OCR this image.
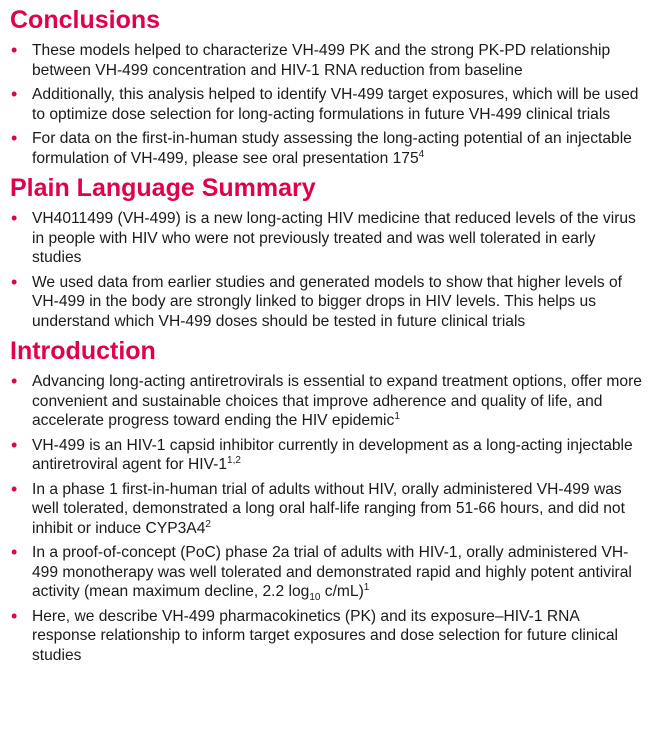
Conclusions
• These models helped to characterize VH-499 PK and the strong PK-PD relationship between VH-499 concentration and HIV-1 RNA reduction from baseline
• Additionally, this analysis helped to identify VH-499 target exposures, which will be used to optimize dose selection for long-acting formulations in future VH-499 clinical trials
• For data on the first-in-human study assessing the long-acting potential of an injectable formulation of VH-499, please see oral presentation $175^4$
Plain Language Summary
• VH4011499 (VH-499) is a new long-acting HIV medicine that reduced levels of the virus in people with HIV who were not previously treated and was well tolerated in early studies
• We used data from earlier studies and generated models to show that higher levels of VH-499 in the body are strongly linked to bigger drops in HIV levels. This helps us understand which VH-499 doses should be tested in future clinical trials
Introduction
• Advancing long-acting antiretrovirals is essential to expand treatment options, offer more convenient and sustainable choices that improve adherence and quality of life, and accelerate progress toward ending the HIV epidemic$^1$
• VH-499 is an HIV-1 capsid inhibitor currently in development as a long-acting injectable antiretroviral agent for HIV-1$^{1,2}$
• In a phase 1 first-in-human trial of adults without HIV, orally administered VH-499 was well tolerated, demonstrated a long oral half-life ranging from 51-66 hours, and did not inhibit or induce $CYP3A4^2$
• In a proof-of-concept (PoC) phase 2a trial of adults with HIV-1, orally administered VH-499 monotherapy was well tolerated and demonstrated rapid and highly potent antiviral activity (mean maximum decline, 2.2 $\log_{10} c/mL)^1$
• Here, we describe VH-499 pharmacokinetics (PK) and its exposure–HIV-1 RNA response relationship to inform target exposures and dose selection for future clinical studies
